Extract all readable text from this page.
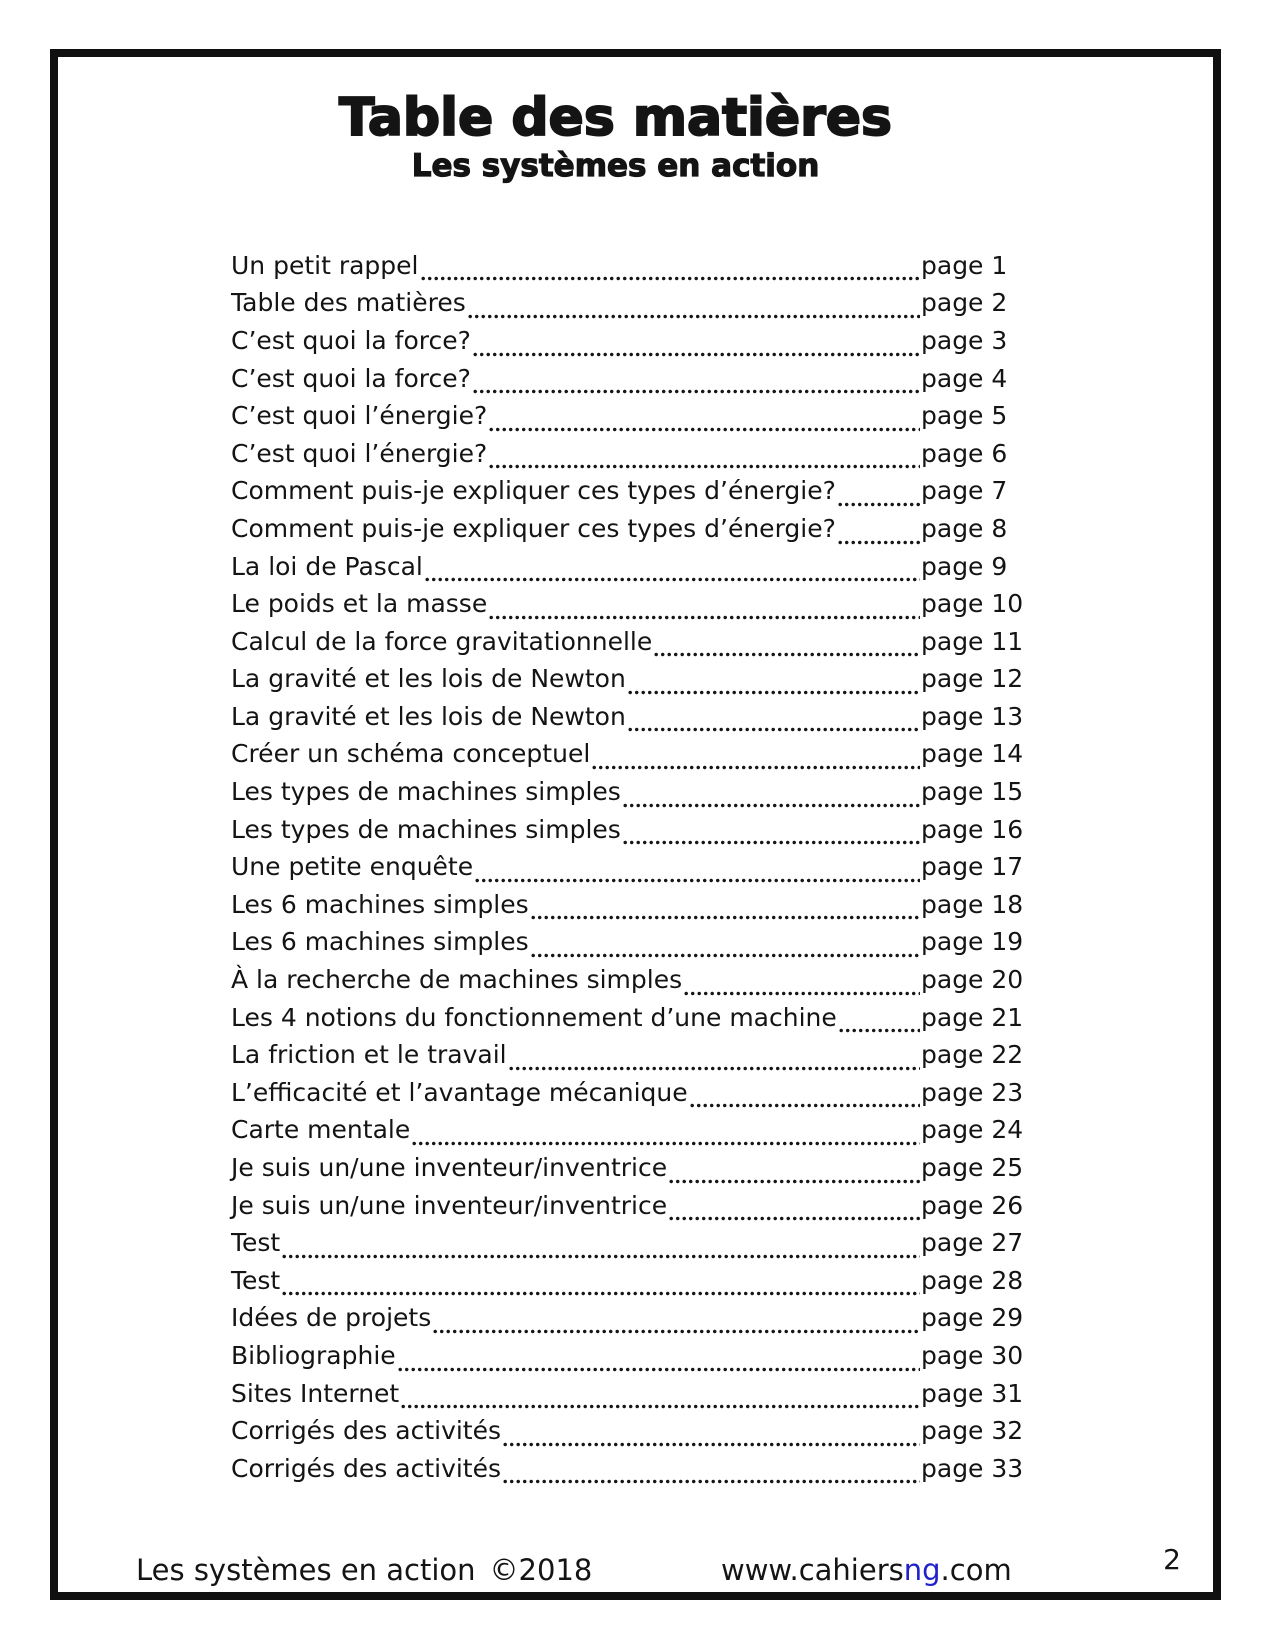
Table des matières
Les systèmes en action
Un petit rappel	page 1
Table des matières	page 2
C’est quoi la force?	page 3
C’est quoi la force?	page 4
C’est quoi l’énergie?	page 5
C’est quoi l’énergie?	page 6
Comment puis-je expliquer ces types d’énergie?	page 7
Comment puis-je expliquer ces types d’énergie?	page 8
La loi de Pascal	page 9
Le poids et la masse	page 10
Calcul de la force gravitationnelle	page 11
La gravité et les lois de Newton	page 12
La gravité et les lois de Newton	page 13
Créer un schéma conceptuel	page 14
Les types de machines simples	page 15
Les types de machines simples	page 16
Une petite enquête	page 17
Les 6 machines simples	page 18
Les 6 machines simples	page 19
À la recherche de machines simples	page 20
Les 4 notions du fonctionnement d’une machine	page 21
La friction et le travail	page 22
L’efficacité et l’avantage mécanique	page 23
Carte mentale	page 24
Je suis un/une inventeur/inventrice	page 25
Je suis un/une inventeur/inventrice	page 26
Test	page 27
Test	page 28
Idées de projets	page 29
Bibliographie	page 30
Sites Internet	page 31
Corrigés des activités	page 32
Corrigés des activités	page 33
Les systèmes en action ©2018	www.cahiersng.com	2
